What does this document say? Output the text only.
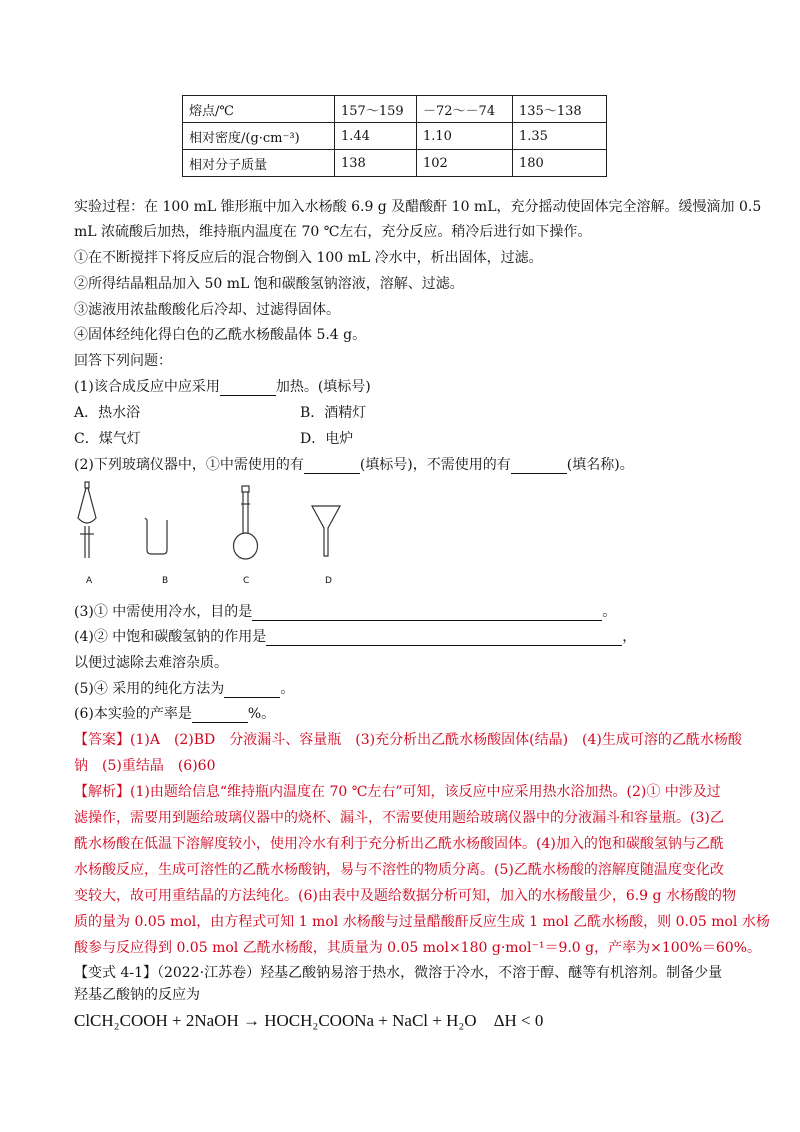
熔点/℃	157～159	－72～－74	135～138
相对密度/(g·cm⁻³)	1.44	1.10	1.35
相对分子质量	138	102	180
实验过程：在 100 mL 锥形瓶中加入水杨酸 6.9 g 及醋酸酐 10 mL，充分摇动使固体完全溶解。缓慢滴加 0.5
mL 浓硫酸后加热，维持瓶内温度在 70 ℃左右，充分反应。稍冷后进行如下操作。
①在不断搅拌下将反应后的混合物倒入 100 mL 冷水中，析出固体，过滤。
②所得结晶粗品加入 50 mL 饱和碳酸氢钠溶液，溶解、过滤。
③滤液用浓盐酸酸化后冷却、过滤得固体。
④固体经纯化得白色的乙酰水杨酸晶体 5.4 g。
回答下列问题：
(1)该合成反应中应采用	加热。(填标号)
A．热水浴	B．酒精灯
C．煤气灯	D．电炉
(2)下列玻璃仪器中，①中需使用的有	(填标号)，不需使用的有	(填名称)。
A	B	C	D
(3)① 中需使用冷水，目的是	。
(4)② 中饱和碳酸氢钠的作用是	，
以便过滤除去难溶杂质。
(5)④ 采用的纯化方法为	。
(6)本实验的产率是	%。
【答案】(1)A　(2)BD　分液漏斗、容量瓶　(3)充分析出乙酰水杨酸固体(结晶)　(4)生成可溶的乙酰水杨酸
钠　(5)重结晶　(6)60
【解析】(1)由题给信息“维持瓶内温度在 70 ℃左右”可知，该反应中应采用热水浴加热。(2)① 中涉及过
滤操作，需要用到题给玻璃仪器中的烧杯、漏斗，不需要使用题给玻璃仪器中的分液漏斗和容量瓶。(3)乙
酰水杨酸在低温下溶解度较小，使用冷水有利于充分析出乙酰水杨酸固体。(4)加入的饱和碳酸氢钠与乙酰
水杨酸反应，生成可溶性的乙酰水杨酸钠，易与不溶性的物质分离。(5)乙酰水杨酸的溶解度随温度变化改
变较大，故可用重结晶的方法纯化。(6)由表中及题给数据分析可知，加入的水杨酸量少，6.9 g 水杨酸的物
质的量为 0.05 mol，由方程式可知 1 mol 水杨酸与过量醋酸酐反应生成 1 mol 乙酰水杨酸，则 0.05 mol 水杨
酸参与反应得到 0.05 mol 乙酰水杨酸，其质量为 0.05 mol×180 g·mol⁻¹＝9.0 g，产率为×100%＝60%。
【变式 4-1】（2022·江苏卷）羟基乙酸钠易溶于热水，微溶于冷水，不溶于醇、醚等有机溶剂。制备少量
羟基乙酸钠的反应为
ClCH₂COOH + 2NaOH → HOCH₂COONa + NaCl + H₂O　ΔH < 0
